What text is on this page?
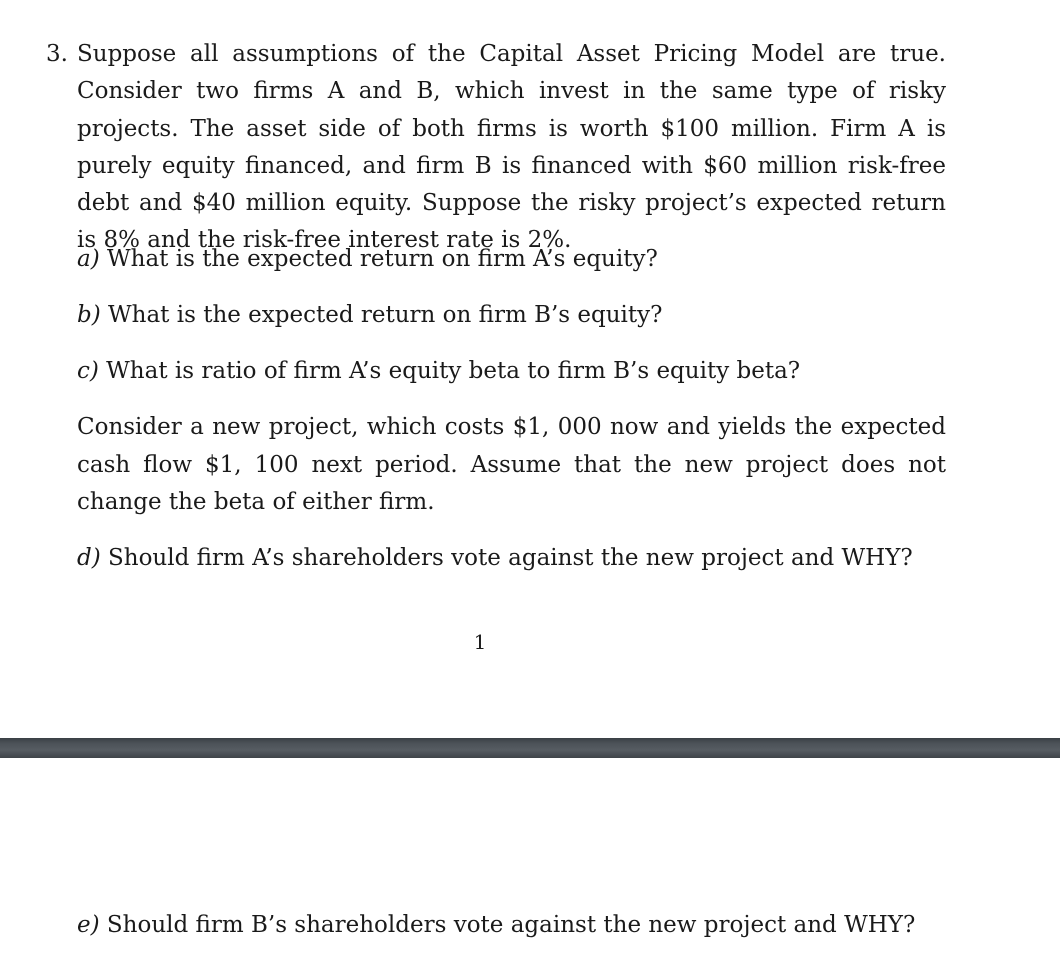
3. Suppose all assumptions of the Capital Asset Pricing Model are true. Consider two firms A and B, which invest in the same type of risky projects. The asset side of both firms is worth $100 million. Firm A is purely equity financed, and firm B is financed with $60 million risk-free debt and $40 million equity. Suppose the risky project’s expected return is 8% and the risk-free interest rate is 2%.
a) What is the expected return on firm A’s equity?
b) What is the expected return on firm B’s equity?
c) What is ratio of firm A’s equity beta to firm B’s equity beta?
Consider a new project, which costs $1, 000 now and yields the expected cash flow $1, 100 next period. Assume that the new project does not change the beta of either firm.
d) Should firm A’s shareholders vote against the new project and WHY?
1
e) Should firm B’s shareholders vote against the new project and WHY?
